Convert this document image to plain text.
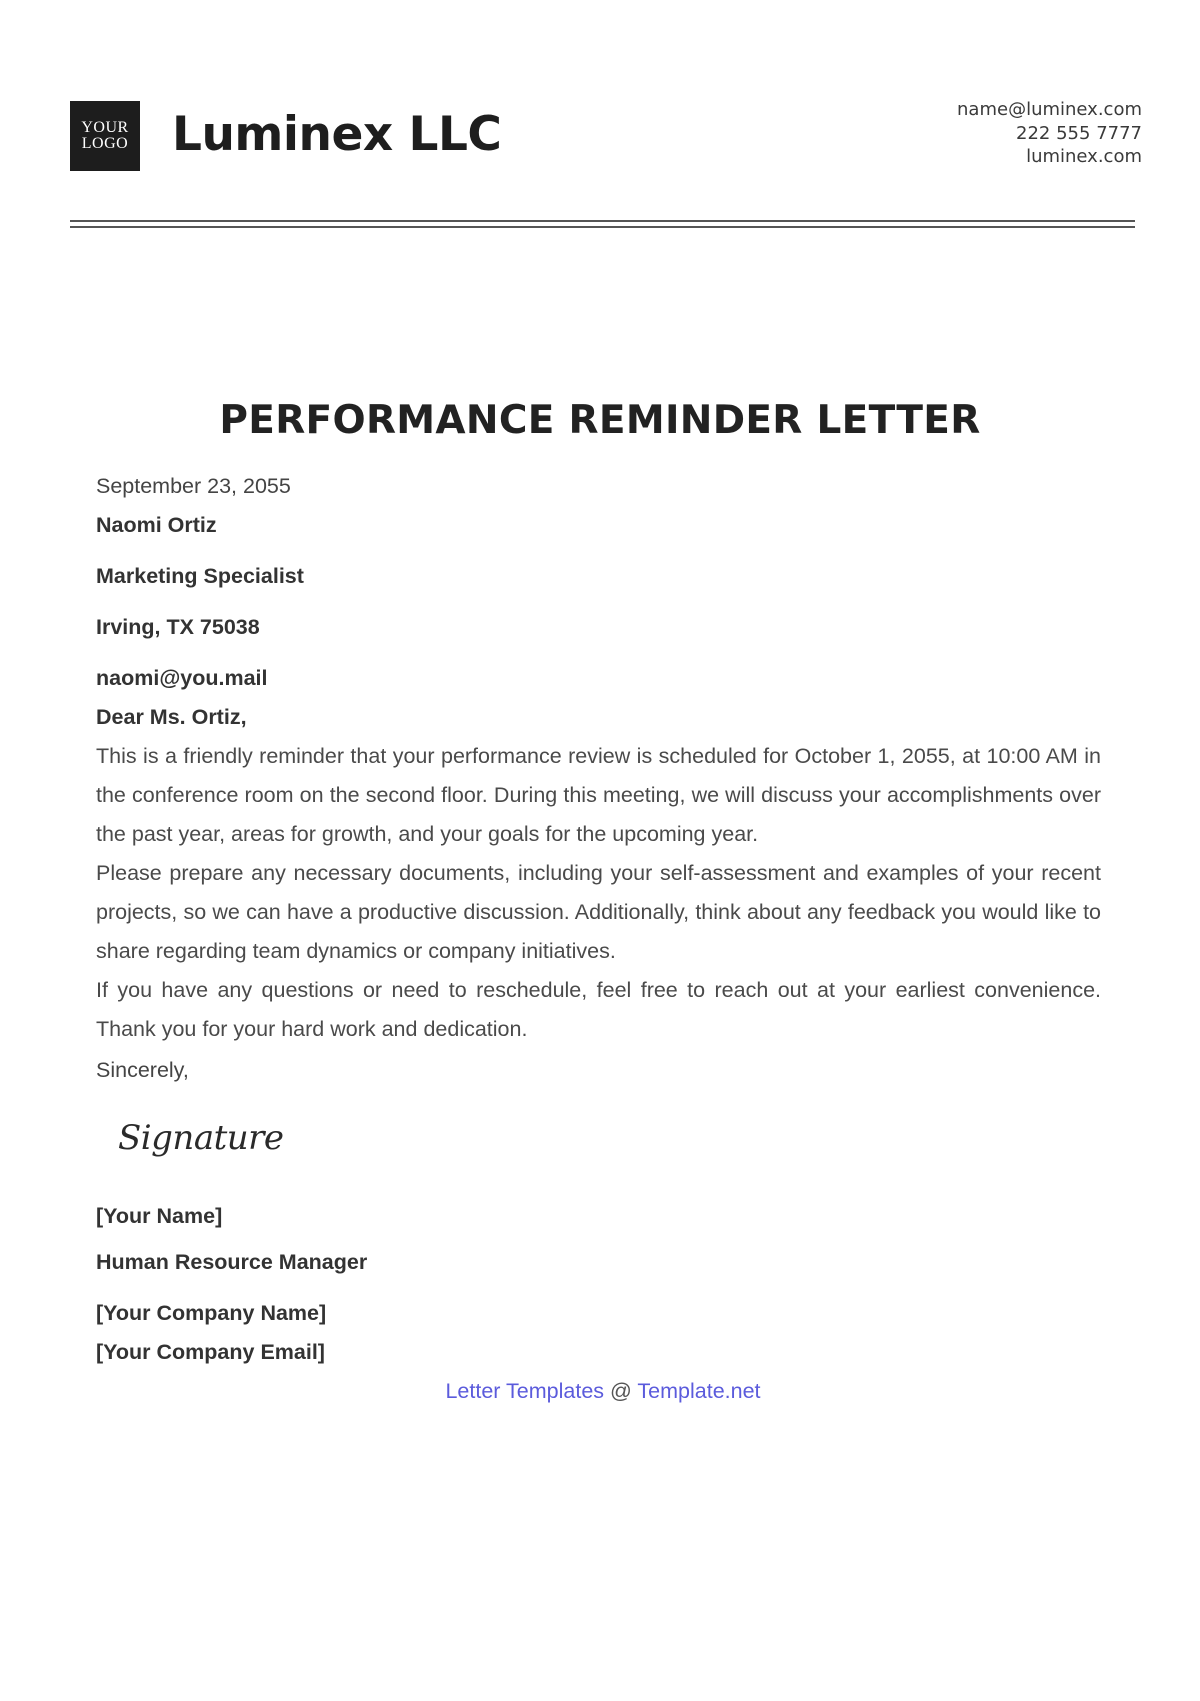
YOUR
LOGO Luminex LLC	name@luminex.com
222 555 7777
luminex.com
PERFORMANCE REMINDER LETTER
September 23, 2055
Naomi Ortiz
Marketing Specialist
Irving, TX 75038
naomi@you.mail
Dear Ms. Ortiz,
This is a friendly reminder that your performance review is scheduled for October 1, 2055, at 10:00 AM in the conference room on the second floor. During this meeting, we will discuss your accomplishments over the past year, areas for growth, and your goals for the upcoming year.
Please prepare any necessary documents, including your self-assessment and examples of your recent projects, so we can have a productive discussion. Additionally, think about any feedback you would like to share regarding team dynamics or company initiatives.
If you have any questions or need to reschedule, feel free to reach out at your earliest convenience. Thank you for your hard work and dedication.
Sincerely,
Signature
[Your Name]
Human Resource Manager
[Your Company Name]
[Your Company Email]
Letter Templates @ Template.net
